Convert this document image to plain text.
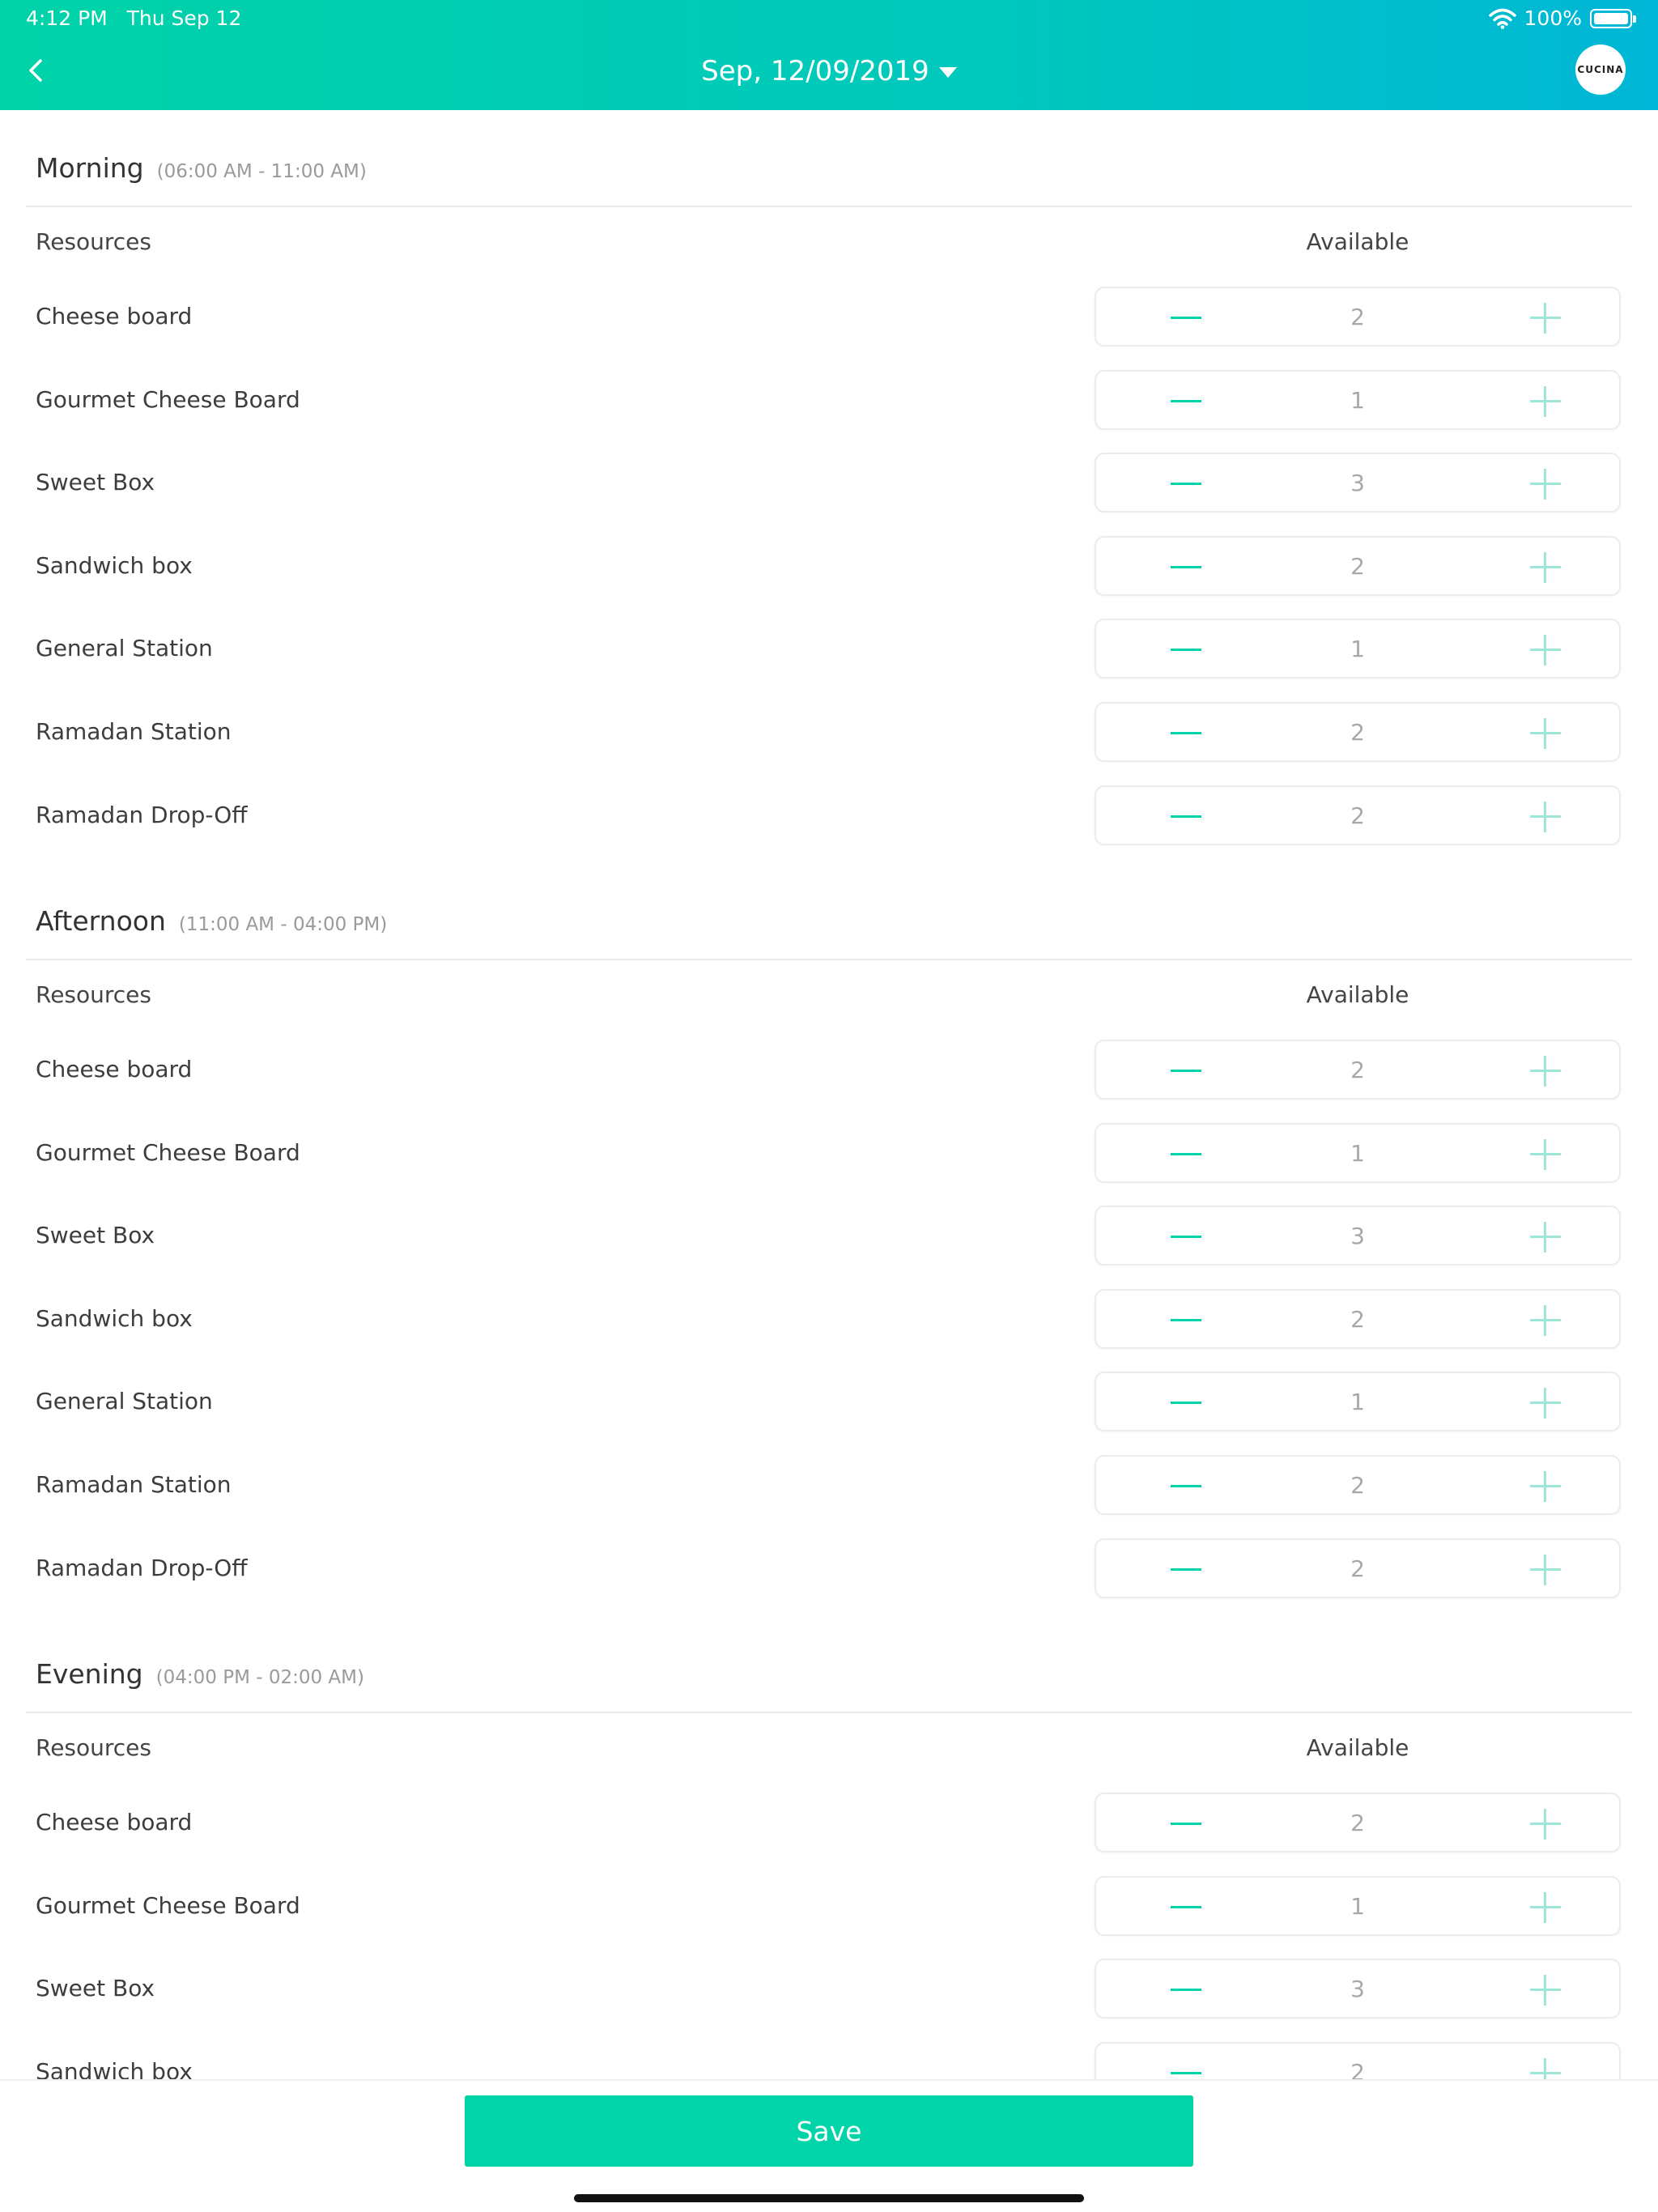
4:12 PM Thu Sep 12	100%
Sep, 12/09/2019	CUCINA
Morning (06:00 AM - 11:00 AM)
Resources	Available
Cheese board	2
Gourmet Cheese Board	1
Sweet Box	3
Sandwich box	2
General Station	1
Ramadan Station	2
Ramadan Drop-Off	2
Afternoon (11:00 AM - 04:00 PM)
Resources	Available
Cheese board	2
Gourmet Cheese Board	1
Sweet Box	3
Sandwich box	2
General Station	1
Ramadan Station	2
Ramadan Drop-Off	2
Evening (04:00 PM - 02:00 AM)
Resources	Available
Cheese board	2
Gourmet Cheese Board	1
Sweet Box	3
Sandwich box	2
Save
